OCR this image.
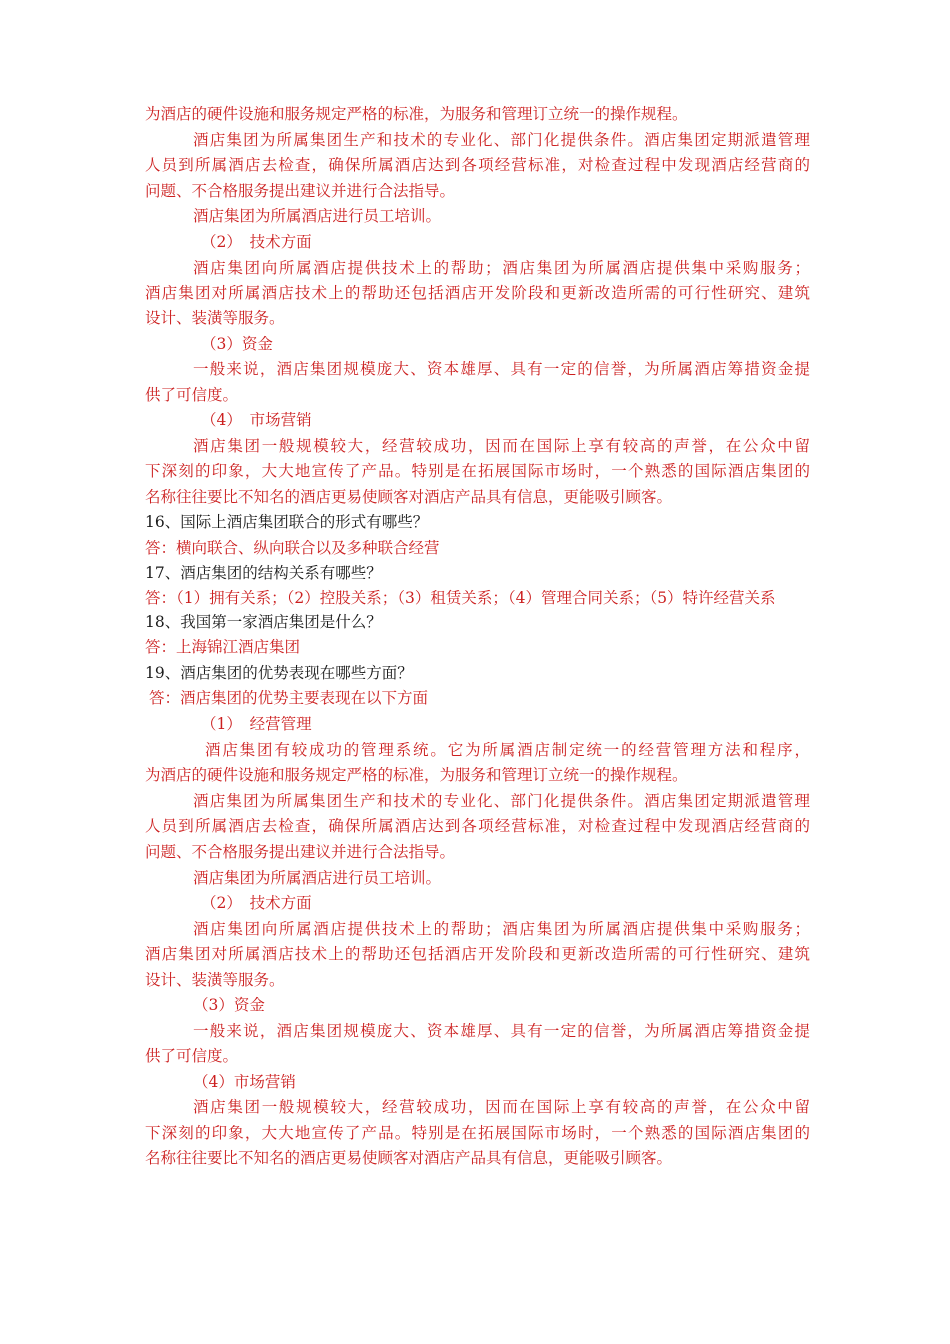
为酒店的硬件设施和服务规定严格的标准，为服务和管理订立统一的操作规程。
酒店集团为所属集团生产和技术的专业化、部门化提供条件。酒店集团定期派遣管理
人员到所属酒店去检查，确保所属酒店达到各项经营标准，对检查过程中发现酒店经营商的
问题、不合格服务提出建议并进行合法指导。
酒店集团为所属酒店进行员工培训。
（2）　技术方面
酒店集团向所属酒店提供技术上的帮助；酒店集团为所属酒店提供集中采购服务；
酒店集团对所属酒店技术上的帮助还包括酒店开发阶段和更新改造所需的可行性研究、建筑
设计、装潢等服务。
（3）资金
一般来说，酒店集团规模庞大、资本雄厚、具有一定的信誉，为所属酒店筹措资金提
供了可信度。
（4）　市场营销
酒店集团一般规模较大，经营较成功，因而在国际上享有较高的声誉，在公众中留
下深刻的印象，大大地宣传了产品。特别是在拓展国际市场时，一个熟悉的国际酒店集团的
名称往往要比不知名的酒店更易使顾客对酒店产品具有信息，更能吸引顾客。
16、国际上酒店集团联合的形式有哪些？
答：横向联合、纵向联合以及多种联合经营
17、酒店集团的结构关系有哪些？
答：（1）拥有关系；（2）控股关系；（3）租赁关系；（4）管理合同关系；（5）特许经营关系
18、我国第一家酒店集团是什么？
答：上海锦江酒店集团
19、酒店集团的优势表现在哪些方面？
答：酒店集团的优势主要表现在以下方面
（1）　经营管理
酒店集团有较成功的管理系统。它为所属酒店制定统一的经营管理方法和程序，
为酒店的硬件设施和服务规定严格的标准，为服务和管理订立统一的操作规程。
酒店集团为所属集团生产和技术的专业化、部门化提供条件。酒店集团定期派遣管理
人员到所属酒店去检查，确保所属酒店达到各项经营标准，对检查过程中发现酒店经营商的
问题、不合格服务提出建议并进行合法指导。
酒店集团为所属酒店进行员工培训。
（2）　技术方面
酒店集团向所属酒店提供技术上的帮助；酒店集团为所属酒店提供集中采购服务；
酒店集团对所属酒店技术上的帮助还包括酒店开发阶段和更新改造所需的可行性研究、建筑
设计、装潢等服务。
（3）资金
一般来说，酒店集团规模庞大、资本雄厚、具有一定的信誉，为所属酒店筹措资金提
供了可信度。
（4）市场营销
酒店集团一般规模较大，经营较成功，因而在国际上享有较高的声誉，在公众中留
下深刻的印象，大大地宣传了产品。特别是在拓展国际市场时，一个熟悉的国际酒店集团的
名称往往要比不知名的酒店更易使顾客对酒店产品具有信息，更能吸引顾客。
